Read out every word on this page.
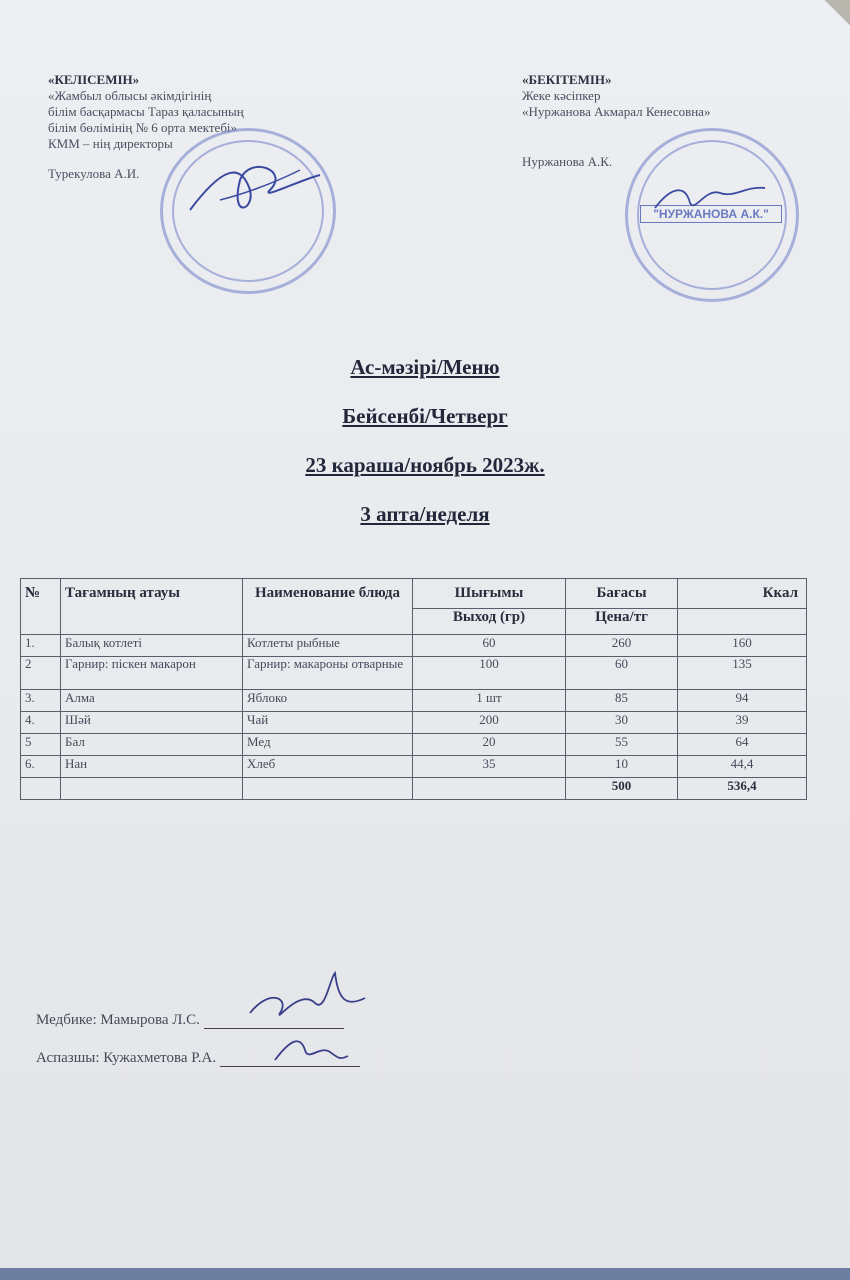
«КЕЛІСЕМІН»
«Жамбыл облысы әкімдігінің
білім басқармасы Тараз қаласының
білім бөлімінің № 6 орта мектебі»
КММ – нің директоры
Турекулова А.И.
«БЕКІТЕМІН»
Жеке кәсіпкер
«Нуржанова Акмарал Кенесовна»
Нуржанова А.К.
"НУРЖАНОВА А.К."
Ас-мәзірі/Меню
Бейсенбі/Четверг
23 караша/ноябрь 2023ж.
3 апта/неделя
№	Тағамның атауы	Наименование блюда	Шығымы	Бағасы	Ккал
			Выход (гр)	Цена/тг	
1.	Балық котлеті	Котлеты рыбные	60	260	160
2	Гарнир: піскен макарон	Гарнир: макароны отварные	100	60	135
3.	Алма	Яблоко	1 шт	85	94
4.	Шәй	Чай	200	30	39
5	Бал	Мед	20	55	64
6.	Нан	Хлеб	35	10	44,4
				500	536,4
Медбике: Мамырова Л.С.
Аспазшы: Кужахметова Р.А.
